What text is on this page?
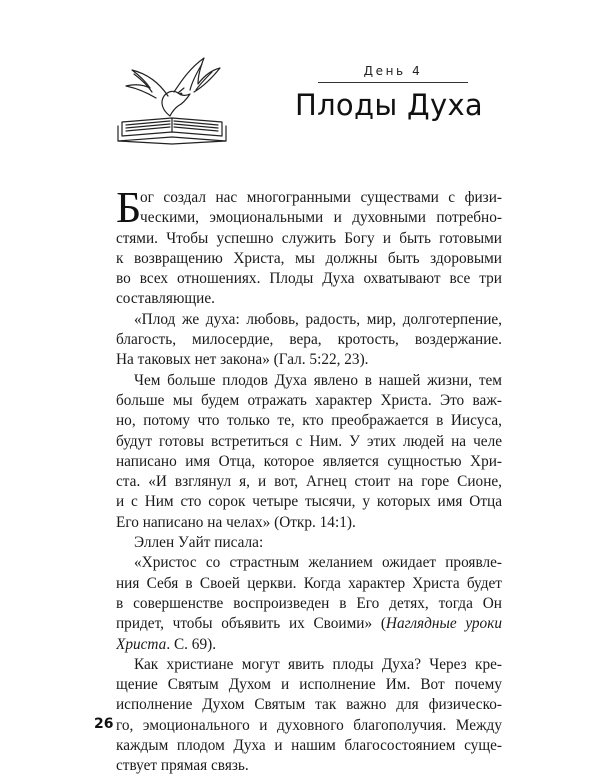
День 4
Плоды Духа
Б
ог создал нас многогранными существами с физи-
ческими, эмоциональными и духовными потребно-
стями. Чтобы успешно служить Богу и быть готовыми
к возвращению Христа, мы должны быть здоровыми
во всех отношениях. Плоды Духа охватывают все три
составляющие.
«Плод же духа: любовь, радость, мир, долготерпение,
благость, милосердие, вера, кротость, воздержание.
На таковых нет закона» (Гал. 5:22, 23).
Чем больше плодов Духа явлено в нашей жизни, тем
больше мы будем отражать характер Христа. Это важ-
но, потому что только те, кто преображается в Иисуса,
будут готовы встретиться с Ним. У этих людей на челе
написано имя Отца, которое является сущностью Хри-
ста. «И взглянул я, и вот, Агнец стоит на горе Сионе,
и с Ним сто сорок четыре тысячи, у которых имя Отца
Его написано на челах» (Откр. 14:1).
Эллен Уайт писала:
«Христос со страстным желанием ожидает проявле-
ния Себя в Своей церкви. Когда характер Христа будет
в совершенстве воспроизведен в Его детях, тогда Он
придет, чтобы объявить их Своими» (Наглядные уроки
Христа. С. 69).
Как христиане могут явить плоды Духа? Через кре-
щение Святым Духом и исполнение Им. Вот почему
исполнение Духом Святым так важно для физическо-
го, эмоционального и духовного благополучия. Между
каждым плодом Духа и нашим благосостоянием суще-
ствует прямая связь.
26
